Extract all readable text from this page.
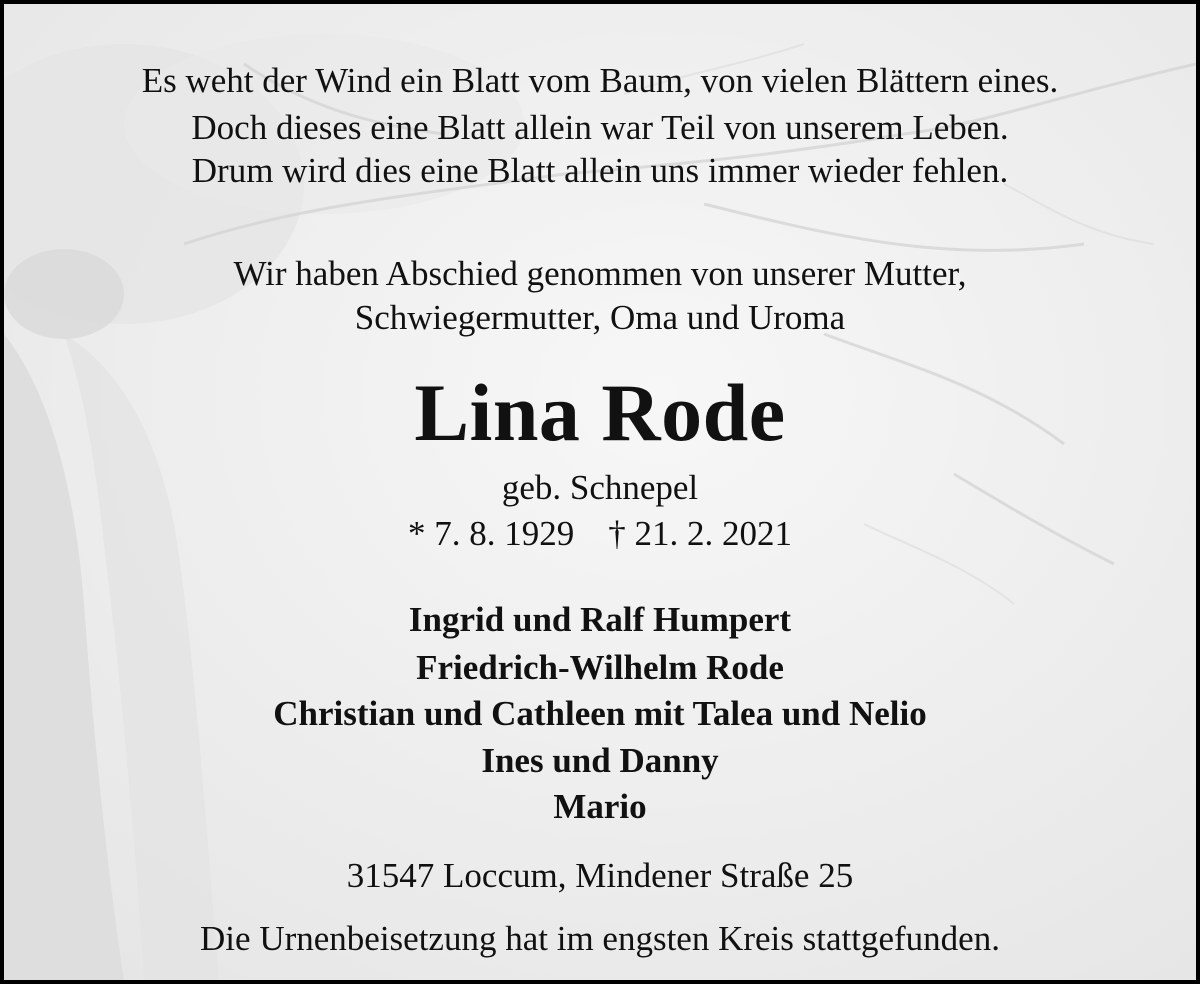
Es weht der Wind ein Blatt vom Baum, von vielen Blättern eines.
Doch dieses eine Blatt allein war Teil von unserem Leben.
Drum wird dies eine Blatt allein uns immer wieder fehlen.
Wir haben Abschied genommen von unserer Mutter,
Schwiegermutter, Oma und Uroma
Lina Rode
geb. Schnepel
* 7. 8. 1929 † 21. 2. 2021
Ingrid und Ralf Humpert
Friedrich-Wilhelm Rode
Christian und Cathleen mit Talea und Nelio
Ines und Danny
Mario
31547 Loccum, Mindener Straße 25
Die Urnenbeisetzung hat im engsten Kreis stattgefunden.
